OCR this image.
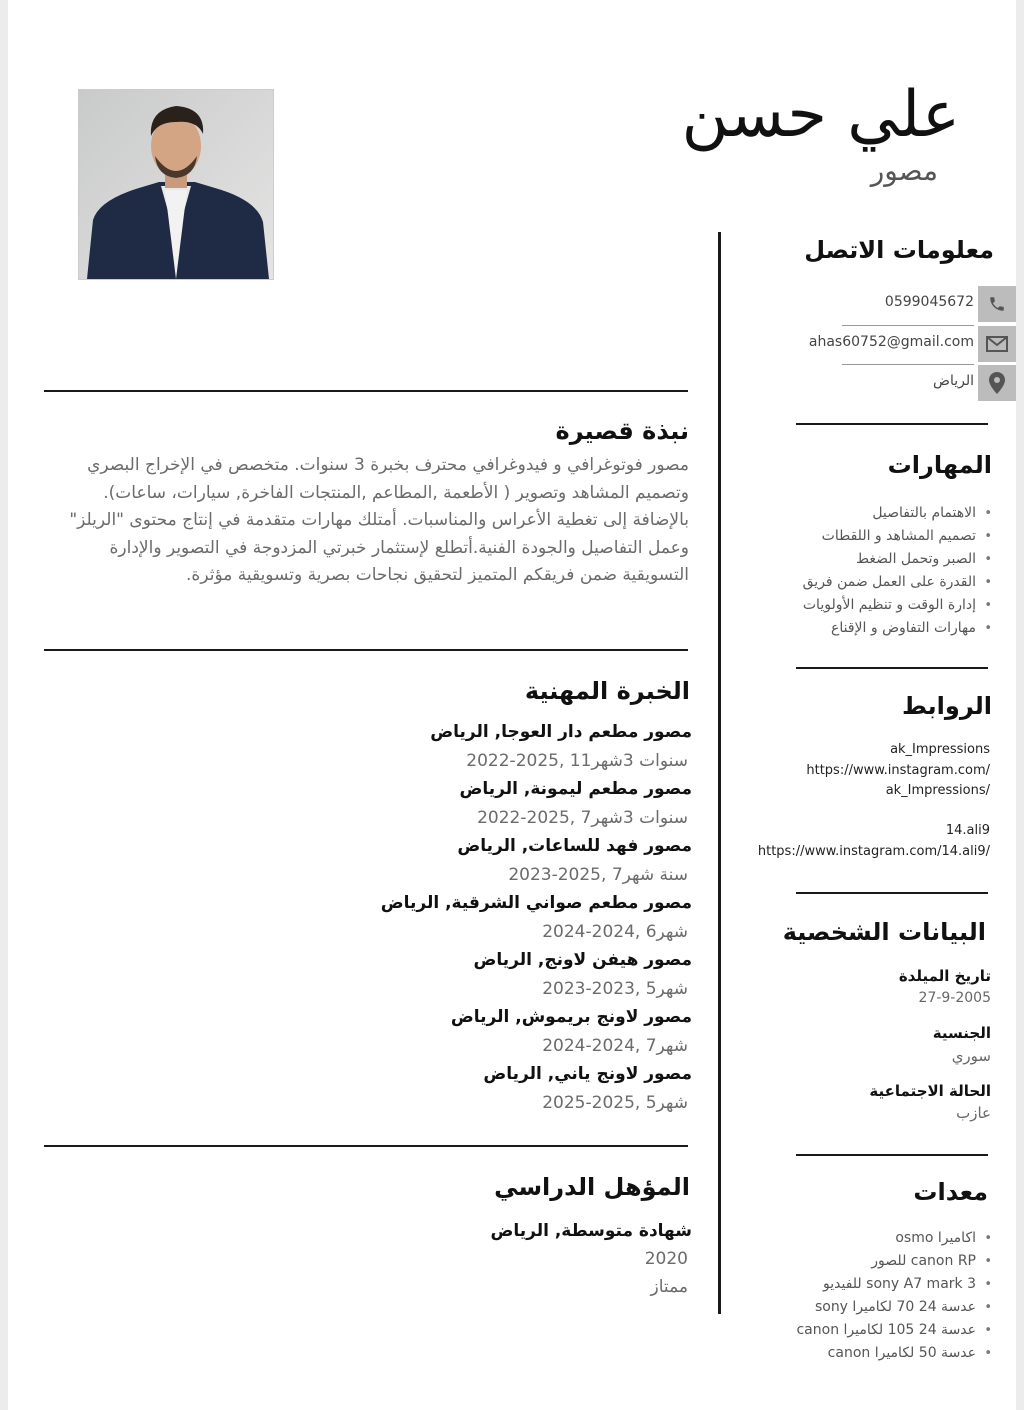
علي حسن
مصور
معلومات الاتصل
0599045672
ahas60752@gmail.com
الرياض
المهارات
• الاهتمام بالتفاصيل
• تصميم المشاهد و اللقطات
• الصبر وتحمل الضغط
• القدرة على العمل ضمن فريق
• إدارة الوقت و تنظيم الأولويات
• مهارات التفاوض و الإقناع
الروابط
ak_Impressions
https://www.instagram.com/
ak_Impressions/
14.ali9
https://www.instagram.com/14.ali9/
البيانات الشخصية
تاريخ الميلدة
27-9-2005
الجنسية
سوري
الحالة الاجتماعية
عازب
معدات
• اكاميرا osmo
• canon RP للصور
• sony A7 mark 3 للفيديو
• عدسة 24 70 لكاميرا sony
• عدسة 24 105 لكاميرا canon
• عدسة 50 لكاميرا canon
نبذة قصيرة
مصور فوتوغرافي و فيدوغرافي محترف بخبرة 3 سنوات. متخصص في الإخراج البصري وتصميم المشاهد وتصوير ( الأطعمة ,المطاعم ,المنتجات الفاخرة, سيارات، ساعات). بالإضافة إلى تغطية الأعراس والمناسبات. أمتلك مهارات متقدمة في إنتاج محتوى "الريلز" وعمل التفاصيل والجودة الفنية.أتطلع لإستثمار خبرتي المزدوجة في التصوير والإدارة التسويقية ضمن فريقكم المتميز لتحقيق نجاحات بصرية وتسويقية مؤثرة.
الخبرة المهنية
مصور مطعم دار العوجا, الرياض
سنوات 3شهر11 ,2025-2022
مصور مطعم ليمونة, الرياض
سنوات 3شهر7 ,2025-2022
مصور فهد للساعات, الرياض
سنة شهر7 ,2025-2023
مصور مطعم صواني الشرقية, الرياض
شهر6 ,2024-2024
مصور هيفن لاونج, الرياض
شهر5 ,2023-2023
مصور لاونج بريموش, الرياض
شهر7 ,2024-2024
مصور لاونج ياني, الرياض
شهر5 ,2025-2025
المؤهل الدراسي
شهادة متوسطة, الرياض
2020
ممتاز
